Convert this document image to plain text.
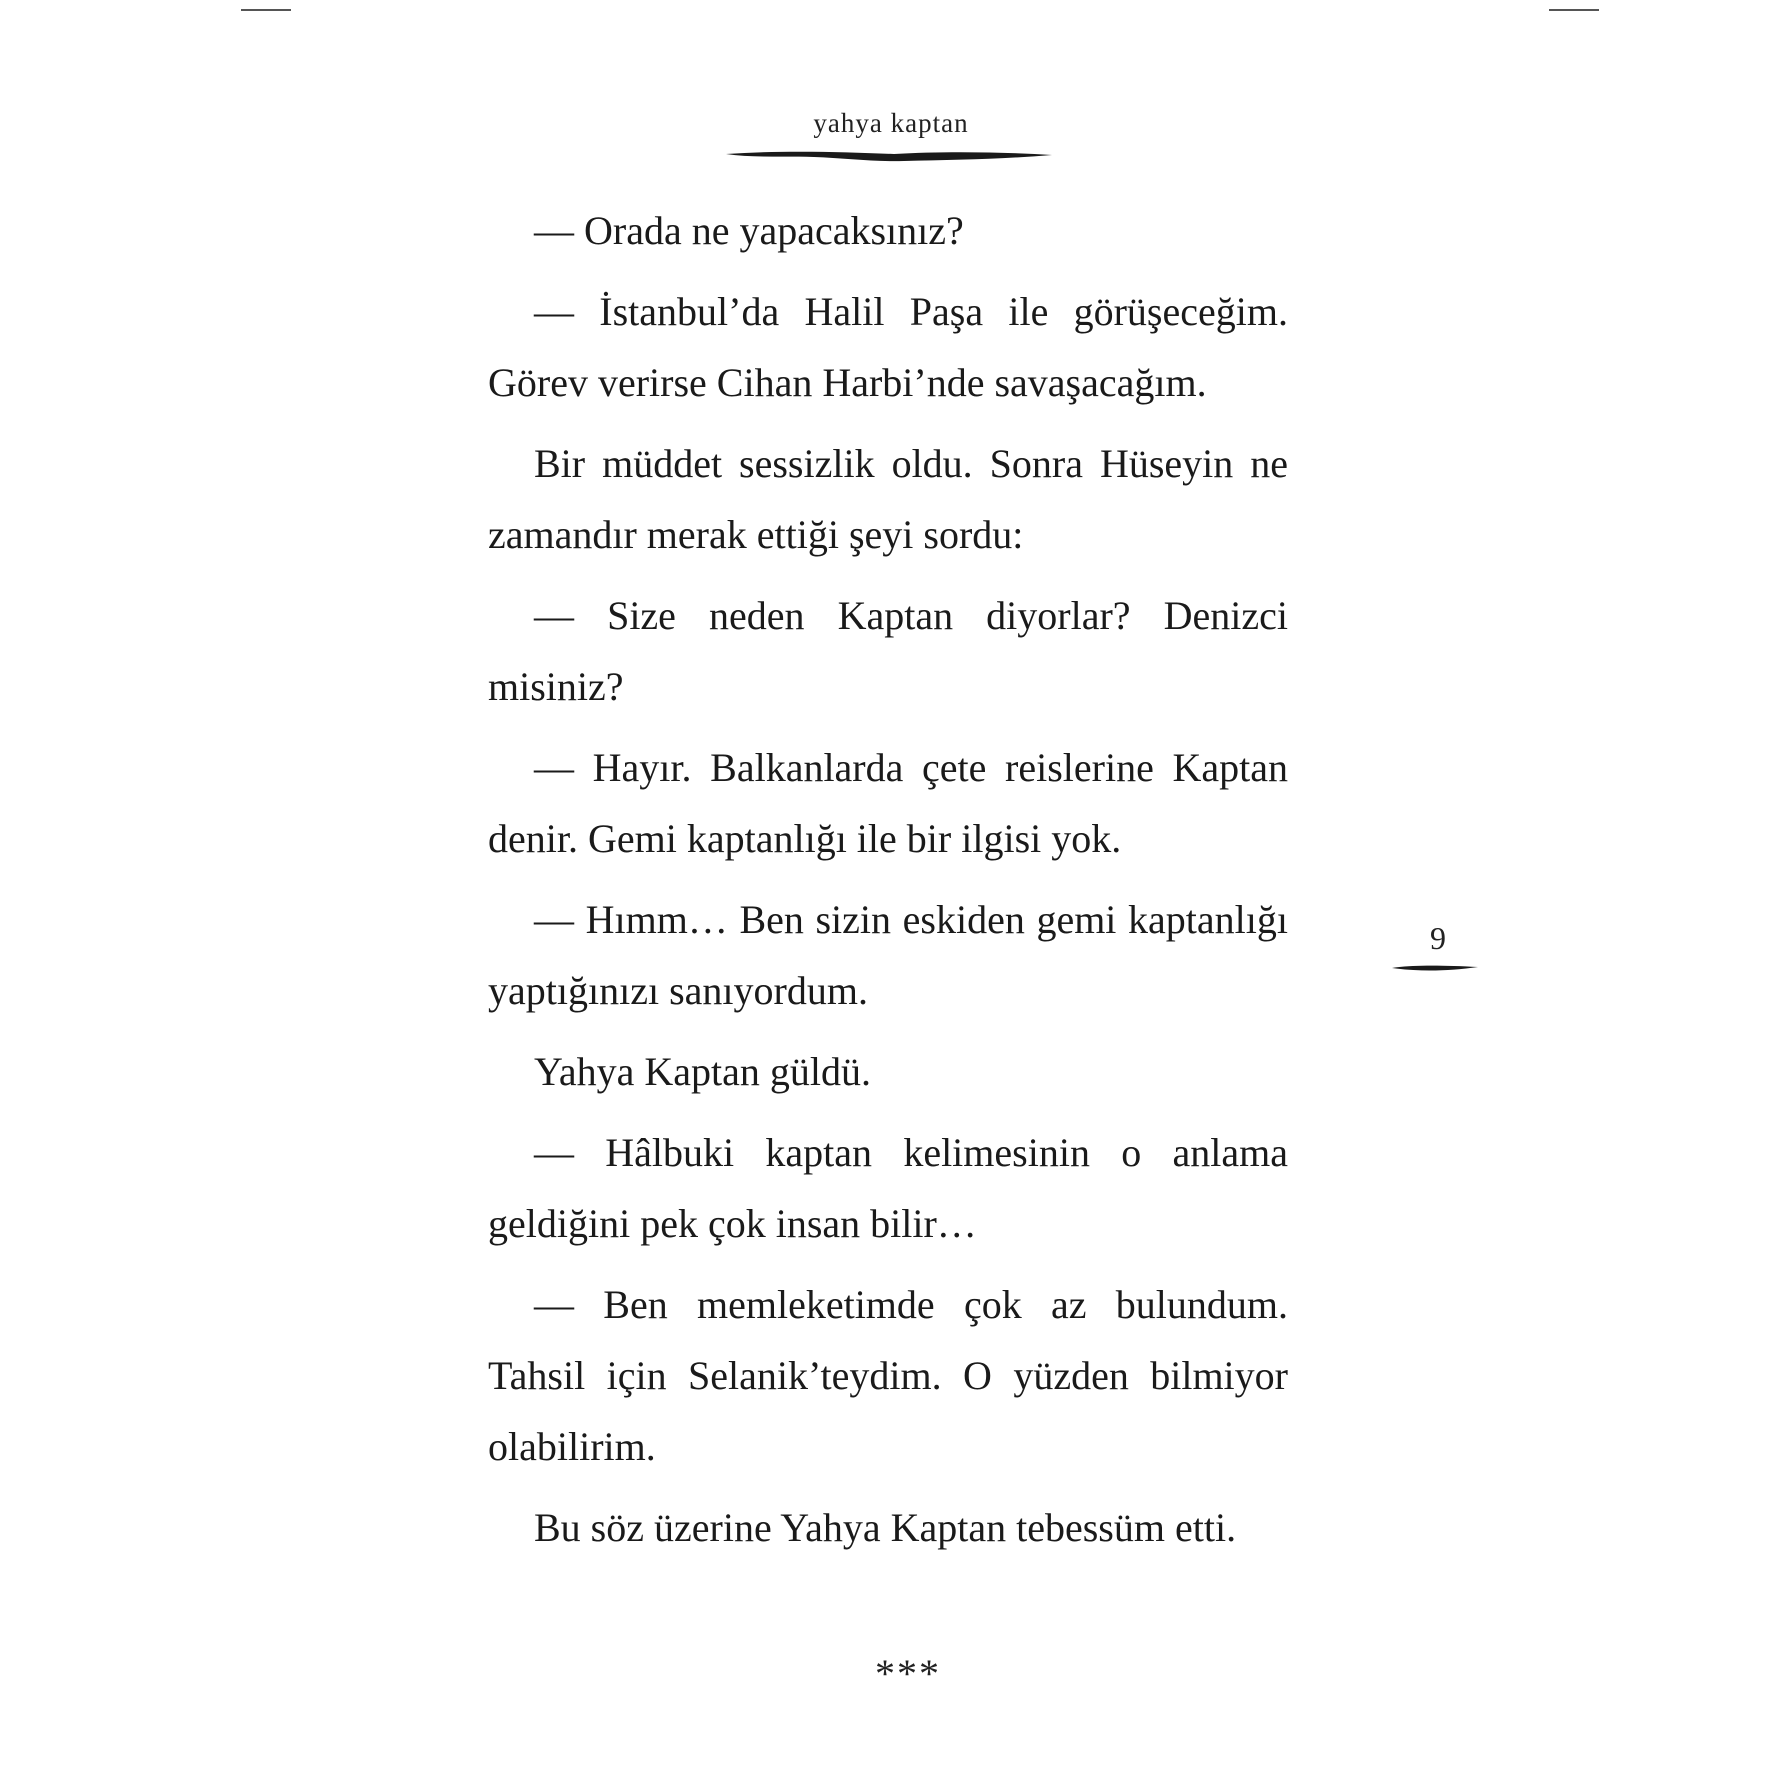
yahya kaptan

— Orada ne yapacaksınız?

— İstanbul’da Halil Paşa ile görüşeceğim. Görev verirse Cihan Harbi’nde savaşacağım.

Bir müddet sessizlik oldu. Sonra Hüseyin ne zamandır merak ettiği şeyi sordu:

— Size neden Kaptan diyorlar? Denizci misiniz?

— Hayır. Balkanlarda çete reislerine Kaptan denir. Gemi kaptanlığı ile bir ilgisi yok.

— Hımm… Ben sizin eskiden gemi kaptanlığı yaptığınızı sanıyordum.

Yahya Kaptan güldü.

— Hâlbuki kaptan kelimesinin o anlama geldiğini pek çok insan bilir…

— Ben memleketimde çok az bulundum. Tahsil için Selanik’teydim. O yüzden bilmiyor olabilirim.

Bu söz üzerine Yahya Kaptan tebessüm etti.

***
9
